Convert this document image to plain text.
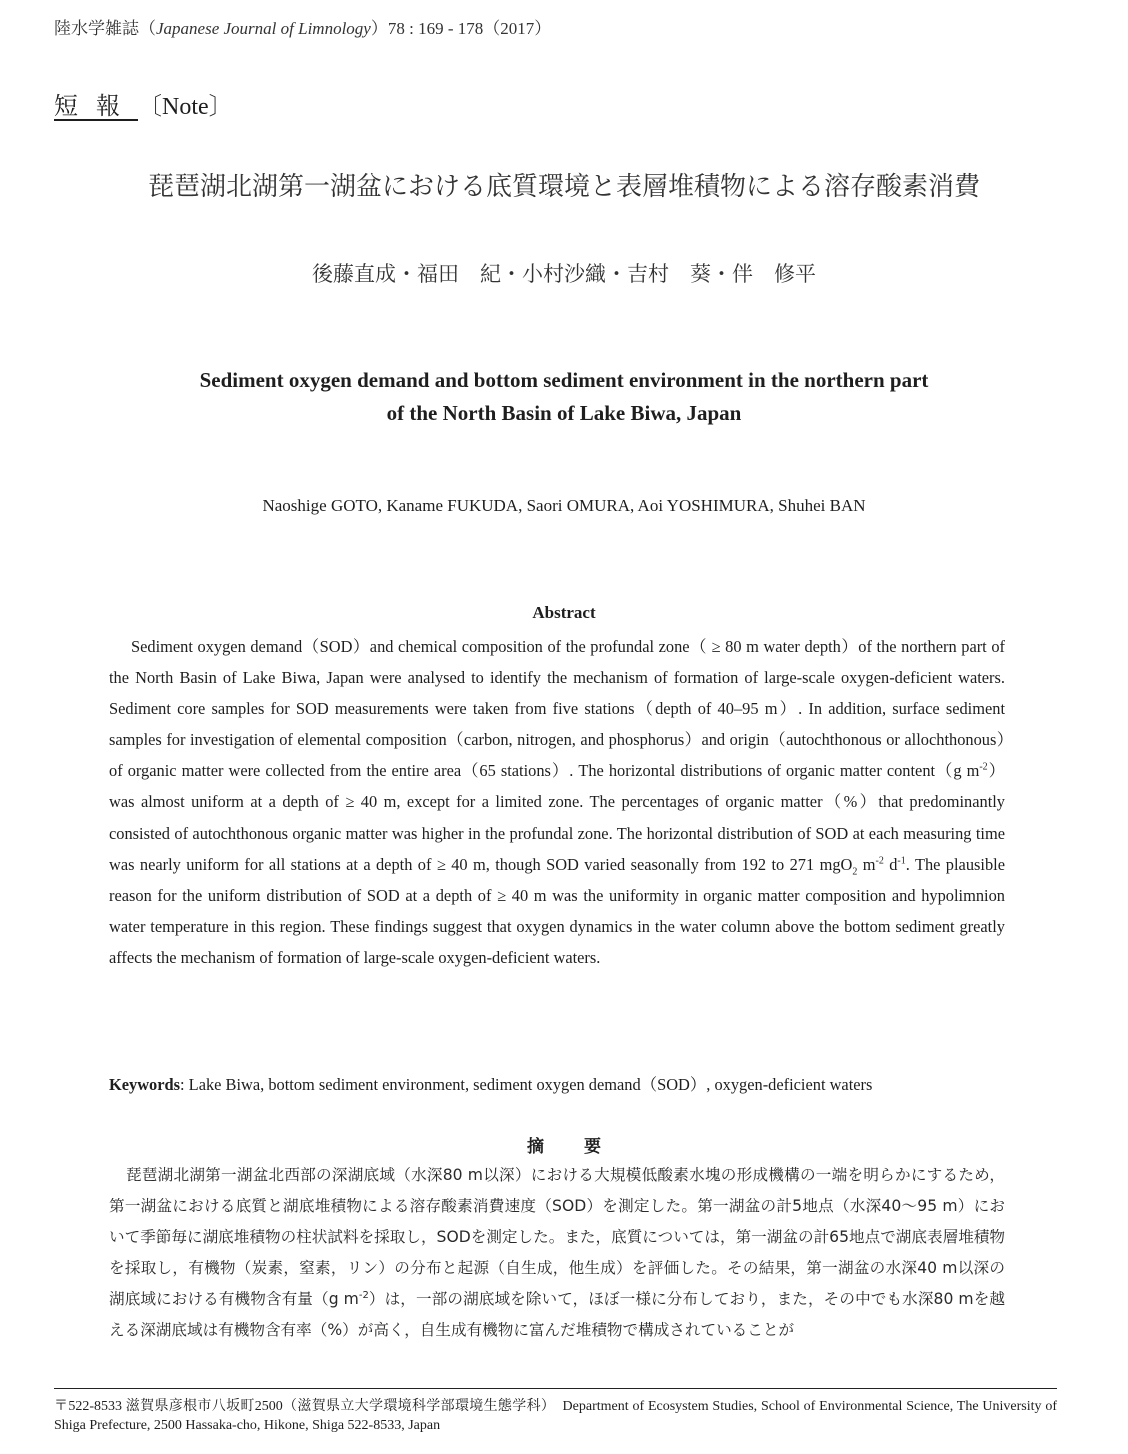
陸水学雑誌（Japanese Journal of Limnology）78 : 169 - 178（2017）
短報〔Note〕
琵琶湖北湖第一湖盆における底質環境と表層堆積物による溶存酸素消費
後藤直成・福田　紀・小村沙織・吉村　葵・伴　修平
Sediment oxygen demand and bottom sediment environment in the northern part
of the North Basin of Lake Biwa, Japan
Naoshige GOTO, Kaname FUKUDA, Saori OMURA, Aoi YOSHIMURA, Shuhei BAN
Abstract
Sediment oxygen demand（SOD）and chemical composition of the profundal zone（ ≥ 80 m water depth）of the northern part of the North Basin of Lake Biwa, Japan were analysed to identify the mechanism of formation of large-scale oxygen-deficient waters. Sediment core samples for SOD measurements were taken from five stations（depth of 40–95 m）. In addition, surface sediment samples for investigation of elemental composition（carbon, nitrogen, and phosphorus）and origin（autochthonous or allochthonous）of organic matter were collected from the entire area（65 stations）. The horizontal distributions of organic matter content（g $m^{-2})was$ almost uniform at a depth of ≥ 40 m, except for a limited zone. The percentages of organic matter（%）that predominantly consisted of autochthonous organic matter was higher in the profundal zone. The horizontal distribution of SOD at each measuring time was nearly uniform for all stations at a depth of ≥ 40 m, though SOD varied seasonally from 192 to 271 mgO$_2$ $m^{-2}$ $d^{-1}$. The plausible reason for the uniform distribution of SOD at a depth of ≥ 40 m was the uniformity in organic matter composition and hypolimnion water temperature in this region. These findings suggest that oxygen dynamics in the water column above the bottom sediment greatly affects the mechanism of formation of large-scale oxygen-deficient waters.
Keywords: Lake Biwa, bottom sediment environment, sediment oxygen demand（SOD）, oxygen-deficient waters
摘要
琵琶湖北湖第一湖盆北西部の深湖底域（水深80 m以深）における大規模低酸素水塊の形成機構の一端を明らかにするため，第一湖盆における底質と湖底堆積物による溶存酸素消費速度（SOD）を測定した。第一湖盆の計5地点（水深40～95 m）において季節毎に湖底堆積物の柱状試料を採取し，SODを測定した。また，底質については，第一湖盆の計65地点で湖底表層堆積物を採取し，有機物（炭素，窒素，リン）の分布と起源（自生成，他生成）を評価した。その結果，第一湖盆の水深40 m以深の湖底域における有機物含有量（g $m^{-2}$）は，一部の湖底域を除いて，ほぼ一様に分布しており，また，その中でも水深80 mを越える深湖底域は有機物含有率（%）が高く，自生成有機物に富んだ堆積物で構成されていることが
〒522-8533 滋賀県彦根市八坂町2500（滋賀県立大学環境科学部環境生態学科）　 Department of Ecosystem Studies, School of Environmental Science, The University of Shiga Prefecture, 2500 Hassaka-cho, Hikone, Shiga 522-8533, Japan
